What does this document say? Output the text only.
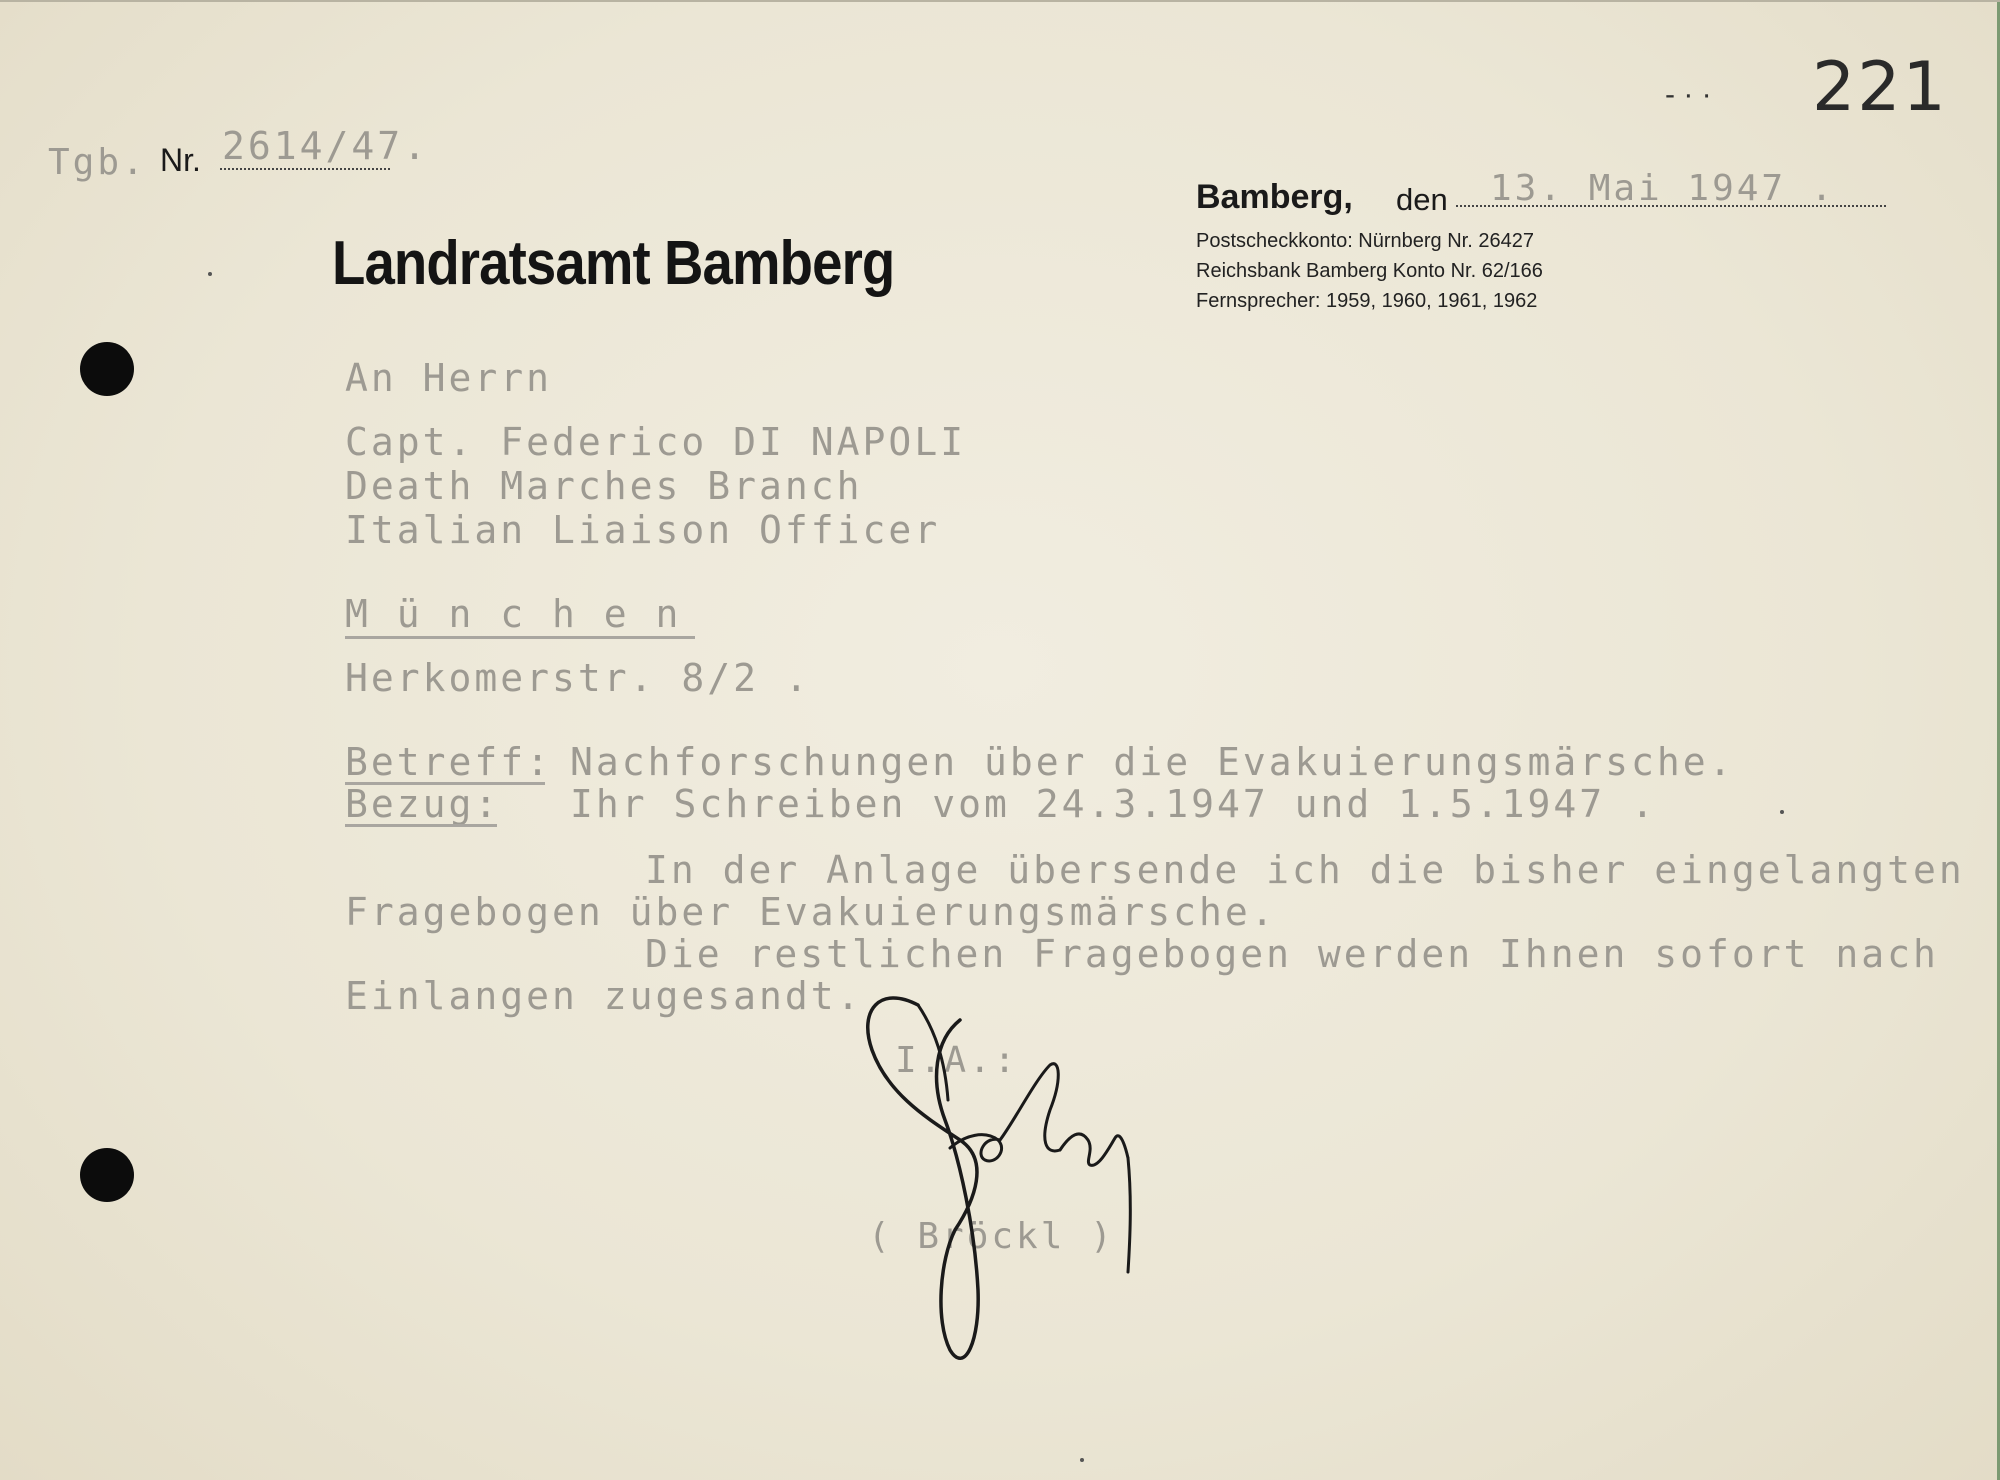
Tgb. Nr. 2614/47.
- · · 221
Landratsamt Bamberg
Bamberg, den 13. Mai 1947 .
Postscheckkonto: Nürnberg Nr. 26427
Reichsbank Bamberg Konto Nr. 62/166
Fernsprecher: 1959, 1960, 1961, 1962
An Herrn
Capt. Federico DI NAPOLI
Death Marches Branch
Italian Liaison Officer
M ü n c h e n
Herkomerstr. 8/2 .
Betreff: Nachforschungen über die Evakuierungsmärsche.
Bezug: Ihr Schreiben vom 24.3.1947 und 1.5.1947 .
In der Anlage übersende ich die bisher eingelangten
Fragebogen über Evakuierungsmärsche.
Die restlichen Fragebogen werden Ihnen sofort nach
Einlangen zugesandt.
I.A.:
( Bröckl )
